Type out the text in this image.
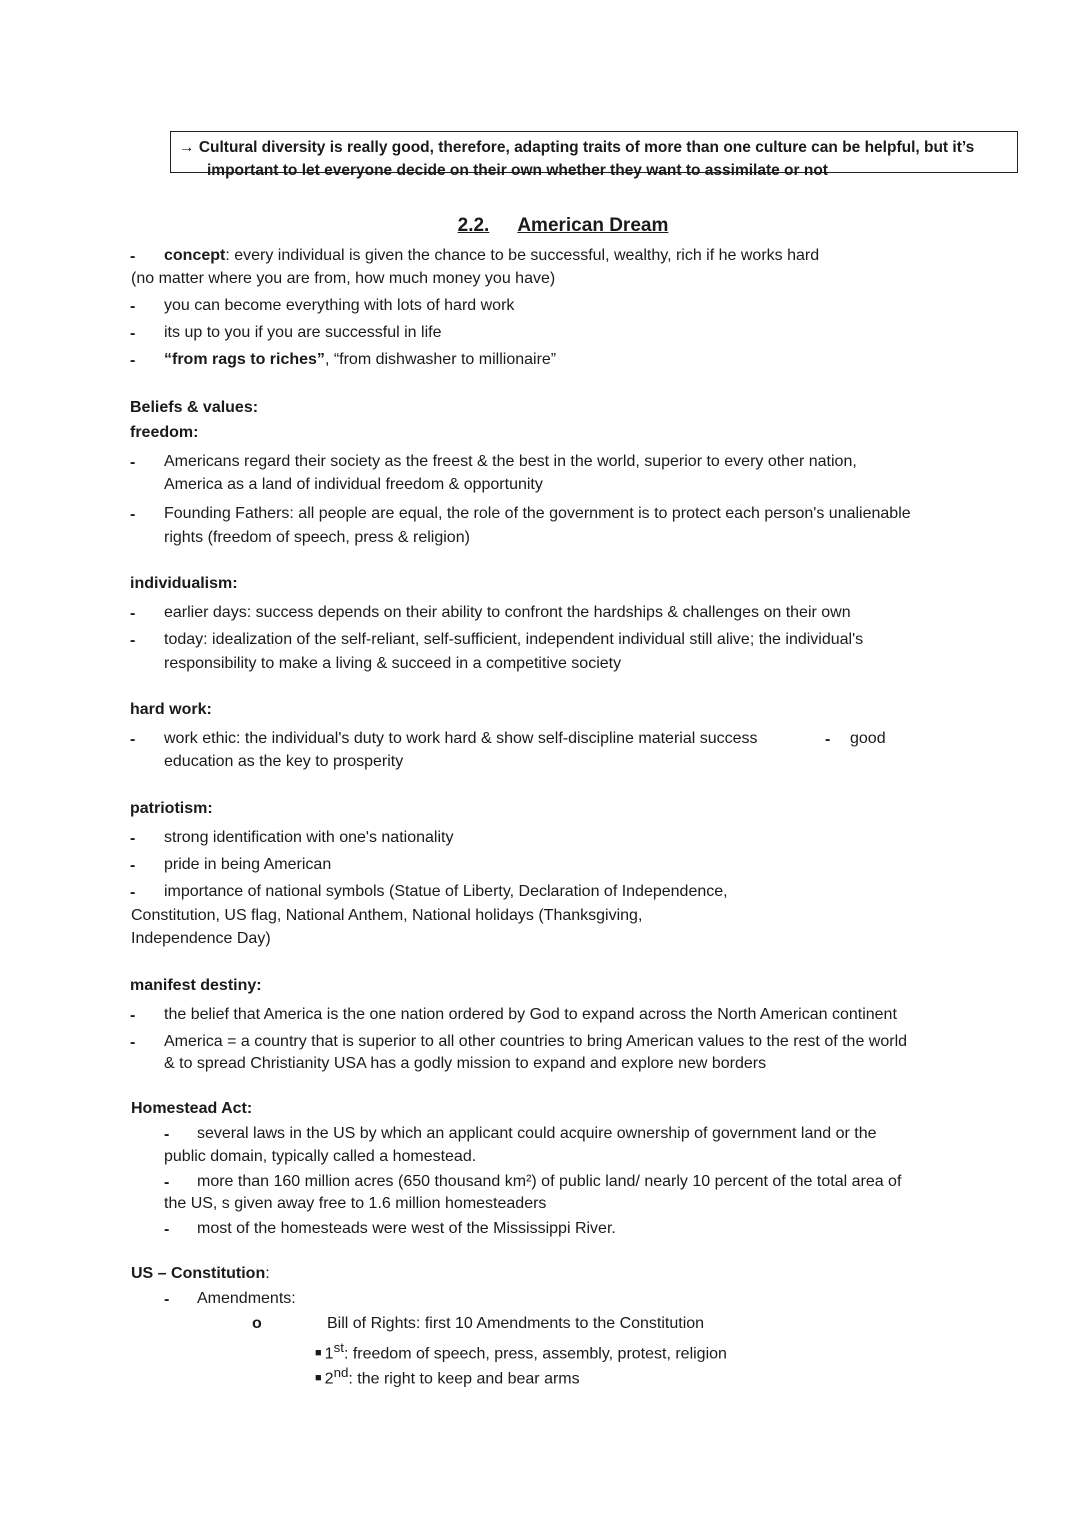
→ Cultural diversity is really good, therefore, adapting traits of more than one culture can be helpful, but it’s
important to let everyone decide on their own whether they want to assimilate or not
2.2. American Dream
- concept: every individual is given the chance to be successful, wealthy, rich if he works hard
(no matter where you are from, how much money you have)
- you can become everything with lots of hard work
- its up to you if you are successful in life
- “from rags to riches”, “from dishwasher to millionaire”
Beliefs & values:
freedom:
- Americans regard their society as the freest & the best in the world, superior to every other nation,
America as a land of individual freedom & opportunity
- Founding Fathers: all people are equal, the role of the government is to protect each person's unalienable
rights (freedom of speech, press & religion)
individualism:
- earlier days: success depends on their ability to confront the hardships & challenges on their own
- today: idealization of the self-reliant, self-sufficient, independent individual still alive; the individual's
responsibility to make a living & succeed in a competitive society
hard work:
- work ethic: the individual's duty to work hard & show self-discipline material success	- good
education as the key to prosperity
patriotism:
- strong identification with one's nationality
- pride in being American
- importance of national symbols (Statue of Liberty, Declaration of Independence,
Constitution, US flag, National Anthem, National holidays (Thanksgiving,
Independence Day)
manifest destiny:
- the belief that America is the one nation ordered by God to expand across the North American continent
- America = a country that is superior to all other countries to bring American values to the rest of the world
& to spread Christianity USA has a godly mission to expand and explore new borders
Homestead Act:
- several laws in the US by which an applicant could acquire ownership of government land or the
public domain, typically called a homestead.
- more than 160 million acres (650 thousand km²) of public land/ nearly 10 percent of the total area of
the US, s given away free to 1.6 million homesteaders
- most of the homesteads were west of the Mississippi River.
US – Constitution:
- Amendments:
o	Bill of Rights: first 10 Amendments to the Constitution
■ 1st: freedom of speech, press, assembly, protest, religion
■ 2nd: the right to keep and bear arms
